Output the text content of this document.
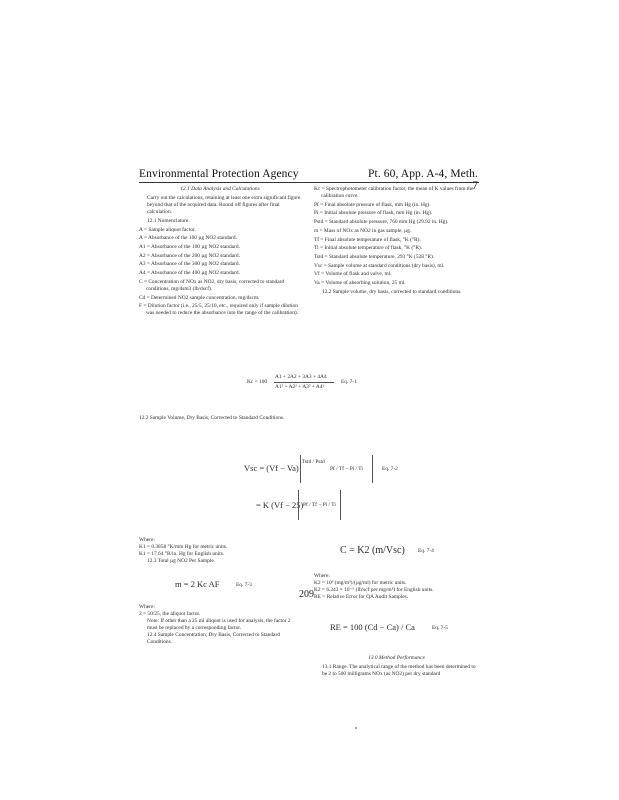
Environmental Protection Agency	Pt. 60, App. A-4, Meth. 7

12.1 Data Analysis and Calculations

Carry out the calculations, retaining at least one extra significant figure beyond that of the acquired data. Round off figures after final calculation.

12.1 Nomenclature.

A = Sample aliquot factor.

A = Absorbance of the 100 µg NO2 standard.

A1 = Absorbance of the 100 µg NO2 standard.

A2 = Absorbance of the 200 µg NO2 standard.

A3 = Absorbance of the 300 µg NO2 standard.

A4 = Absorbance of the 400 µg NO2 standard.

C = Concentration of NOx as NO2, dry basis, corrected to standard conditions, mg/dsm3 (lb/dscf).

Cd = Determined NO2 sample concentration, mg/dscm.

F = Dilution factor (i.e., 25/5, 25/10, etc., required only if sample dilution was needed to reduce the absorbance into the range of the calibration).

Kc = Spectrophotometer calibration factor, the mean of K values from the calibration curve.

Pf = Final absolute pressure of flask, mm Hg (in. Hg).

Pi = Initial absolute pressure of flask, mm Hg (in. Hg).

Pstd = Standard absolute pressure, 760 mm Hg (29.92 in. Hg).

m = Mass of NOx as NO2 in gas sample, µg.

Tf = Final absolute temperature of flask, °K (°R).

Ti = Initial absolute temperature of flask, °K (°R).

Tstd = Standard absolute temperature, 293 °K (528 °R).

Vsc = Sample volume at standard conditions (dry basis), ml.

Vf = Volume of flask and valve, ml.

Va = Volume of absorbing solution, 25 ml.

12.2 Sample volume, dry basis, corrected to standard conditions.

Kc = 100
A1 + 2A2 + 3A3 + 4A4
A1² + A2² + A3² + A4²
Eq. 7-1
12.2 Sample Volume, Dry Basis, Corrected to Standard Conditions.
Vsc = (Vf − Va)
Tstd / Pstd
Pf / Tf − Pi / Ti	Eq. 7-2
= K (Vf − 25) Pf / Tf − Pi / Ti
Where:
K1 = 0.3858 °K/mm Hg for metric units.
K1 = 17.64 °R/in. Hg for English units.
12.3 Total µg NO2 Per Sample.
m = 2 Kc AF	Eq. 7-3
Where:
2 = 50/25, the aliquot factor.
Note: If other than a 25 ml aliquot is used for analysis, the factor 2 must be replaced by a corresponding factor.
12.4 Sample Concentration, Dry Basis, Corrected to Standard Conditions.
C = K2 (m/Vsc) Eq. 7-4
Where:
K2 = 10³ (mg/m³)/(µg/ml) for metric units.
K2 = 6.243 × 10⁻⁵ (lb/scf per mg/m³) for English units.
RE = Relative Error for QA Audit Samples.
RE = 100 (Cd − Ca) / Ca	Eq. 7-5
13.0 Method Performance
13.1 Range. The analytical range of the method has been determined to be 2 to 500 milligrams NOx (as NO2) per dry standard
209
